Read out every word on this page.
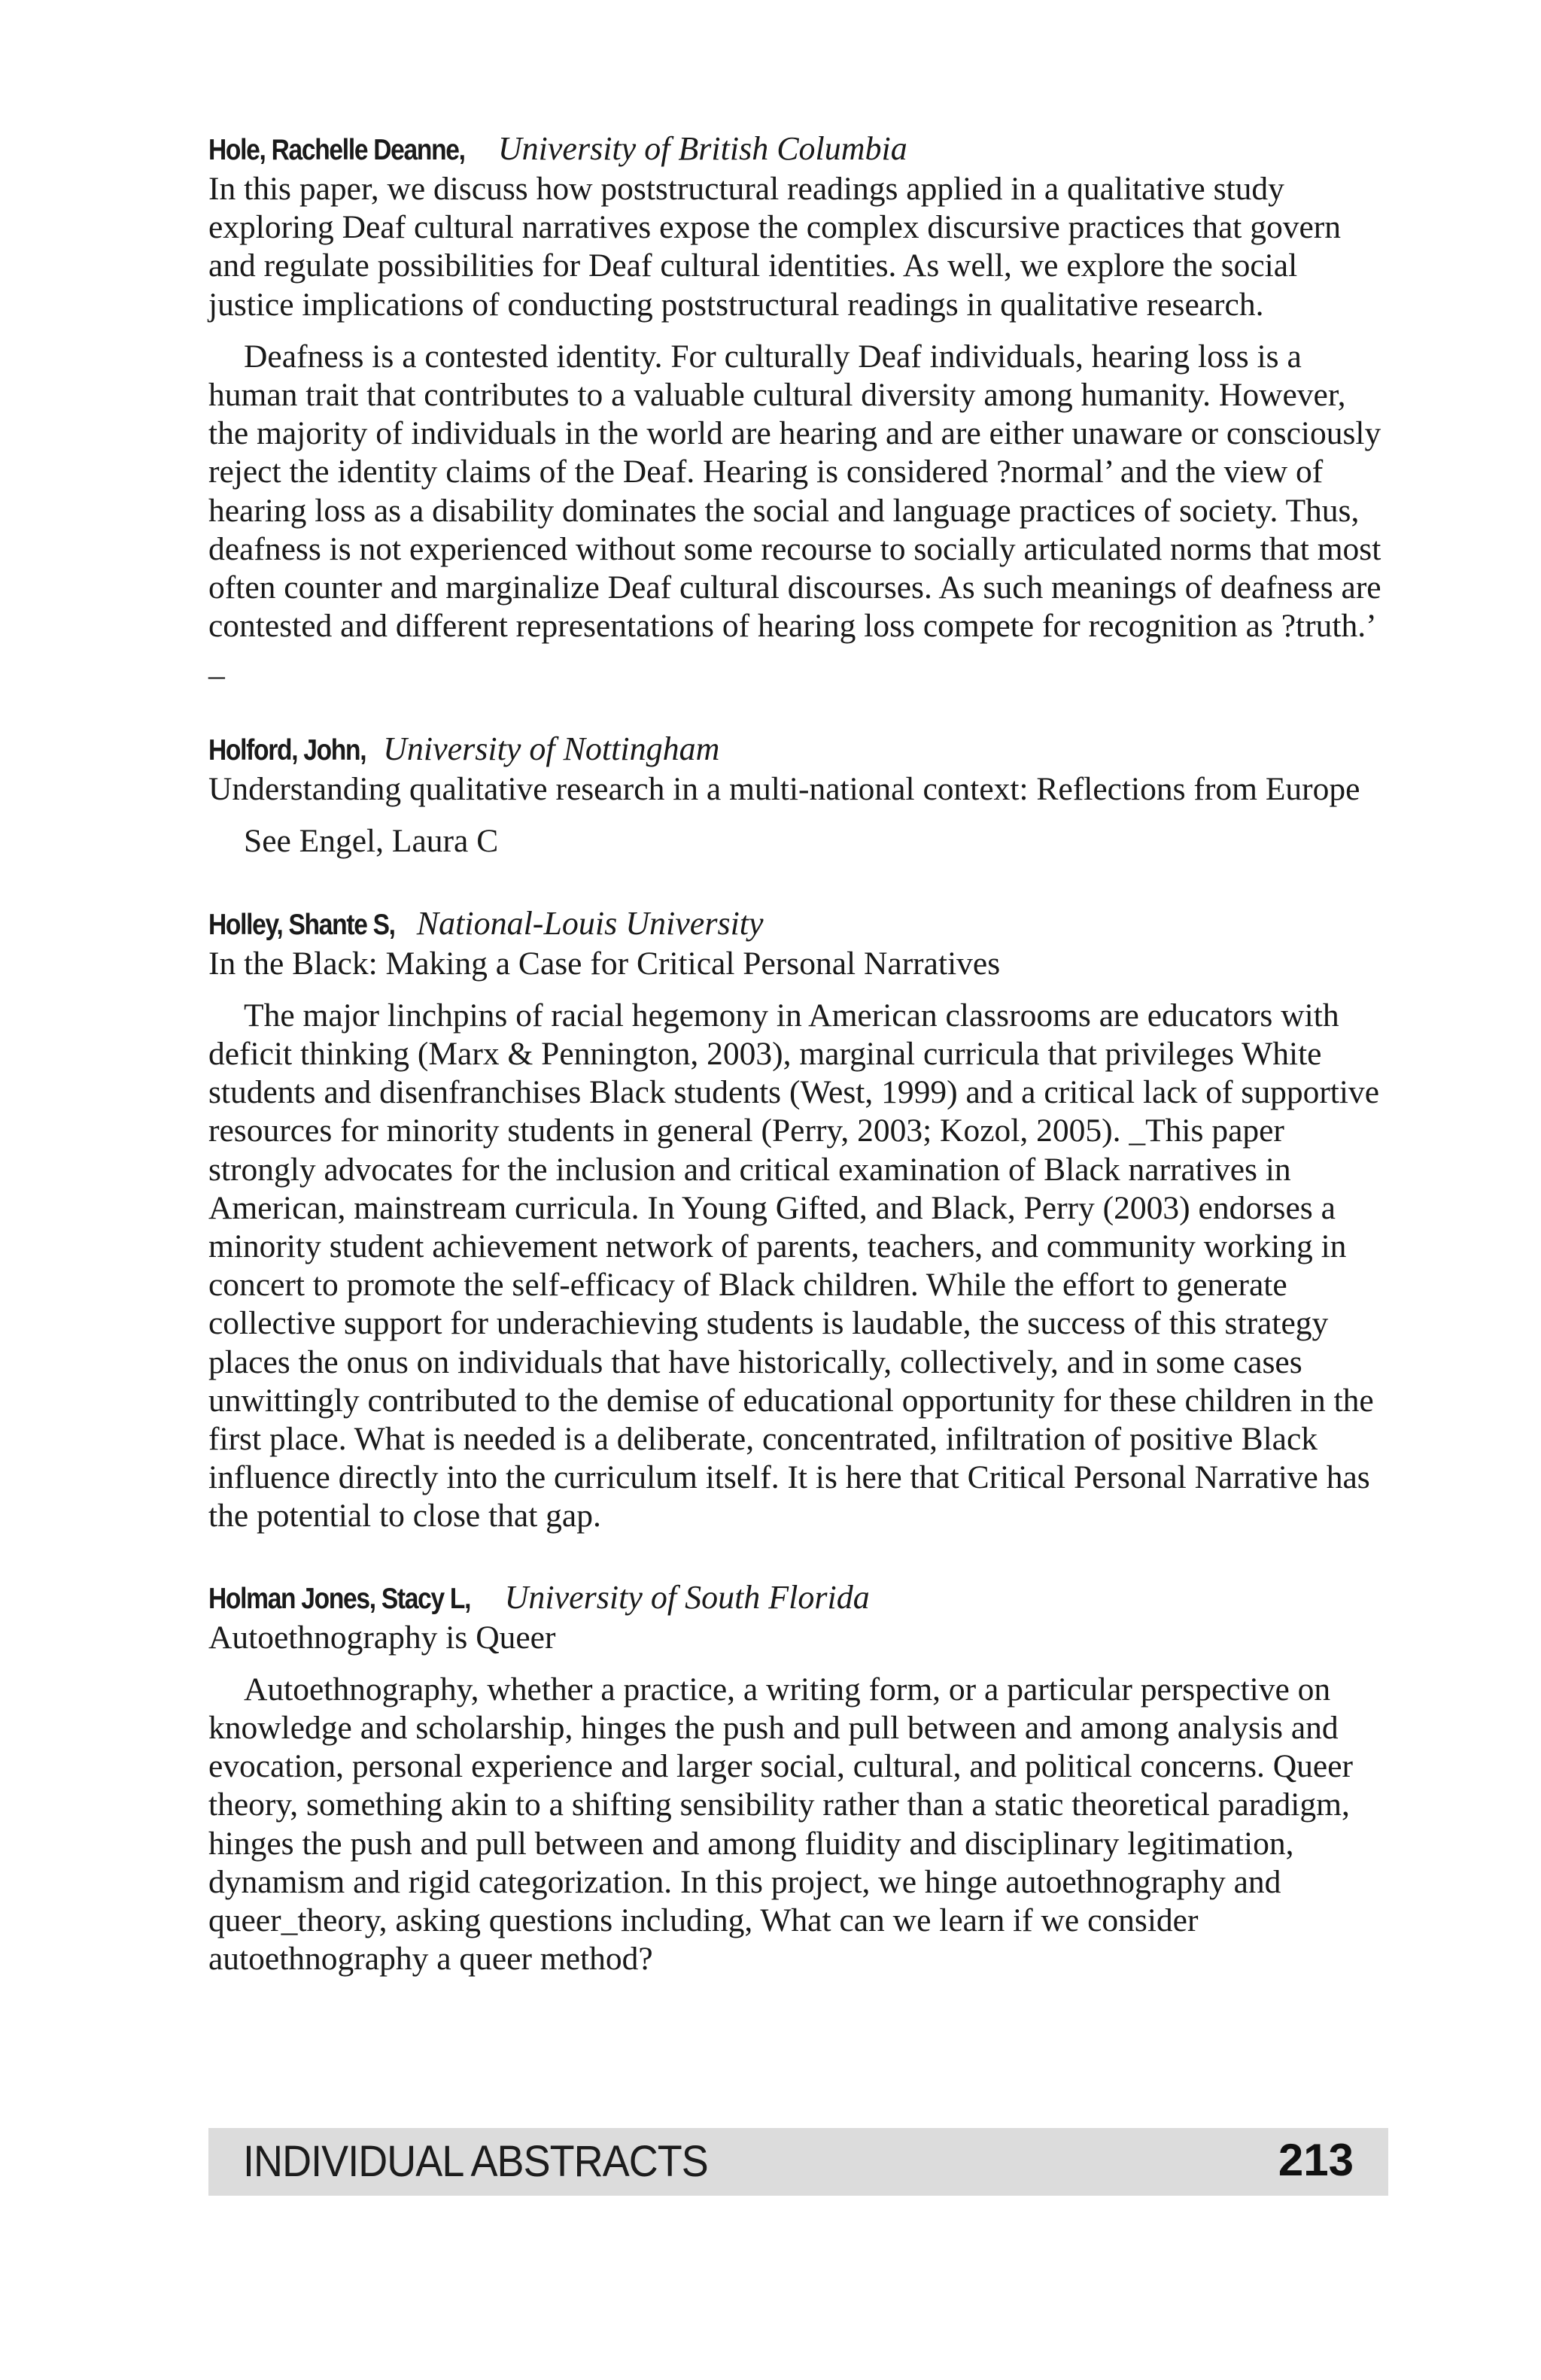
Hole, Rachelle Deanne, University of British Columbia

In this paper, we discuss how poststructural readings applied in a qualitative study exploring Deaf cultural narratives expose the complex discursive practices that govern and regulate possibilities for Deaf cultural identities. As well, we explore the social justice implications of conducting poststructural readings in qualitative research.

Deafness is a contested identity. For culturally Deaf individuals, hearing loss is a human trait that contributes to a valuable cultural diversity among humanity. However, the majority of individuals in the world are hearing and are either unaware or consciously reject the identity claims of the Deaf. Hearing is considered ?normal’ and the view of hearing loss as a disability dominates the social and language practices of society. Thus, deafness is not experienced without some recourse to socially articulated norms that most often counter and marginalize Deaf cultural discourses. As such meanings of deafness are contested and different representations of hearing loss compete for recognition as ?truth.’ _

Holford, John, University of Nottingham
Understanding qualitative research in a multi-national context: Reflections from Europe

See Engel, Laura C

Holley, Shante S, National-Louis University
In the Black: Making a Case for Critical Personal Narratives

The major linchpins of racial hegemony in American classrooms are educators with deficit thinking (Marx & Pennington, 2003), marginal curricula that privileges White students and disenfranchises Black students (West, 1999) and a critical lack of supportive resources for minority students in general (Perry, 2003; Kozol, 2005). _This paper strongly advocates for the inclusion and critical examination of Black narratives in American, mainstream curricula. In Young Gifted, and Black, Perry (2003) endorses a minority student achievement network of parents, teachers, and community working in concert to promote the self-efficacy of Black children. While the effort to generate collective support for underachieving students is laudable, the success of this strategy places the onus on individuals that have historically, collectively, and in some cases unwittingly contributed to the demise of educational opportunity for these children in the first place. What is needed is a deliberate, concentrated, infiltration of positive Black influence directly into the curriculum itself. It is here that Critical Personal Narrative has the potential to close that gap.

Holman Jones, Stacy L, University of South Florida
Autoethnography is Queer

Autoethnography, whether a practice, a writing form, or a particular perspective on knowledge and scholarship, hinges the push and pull between and among analysis and evocation, personal experience and larger social, cultural, and political concerns. Queer theory, something akin to a shifting sensibility rather than a static theoretical paradigm, hinges the push and pull between and among fluidity and disciplinary legitimation, dynamism and rigid categorization. In this project, we hinge autoethnography and queer_theory, asking questions including, What can we learn if we consider autoethnography a queer method?

INDIVIDUAL ABSTRACTS	213
